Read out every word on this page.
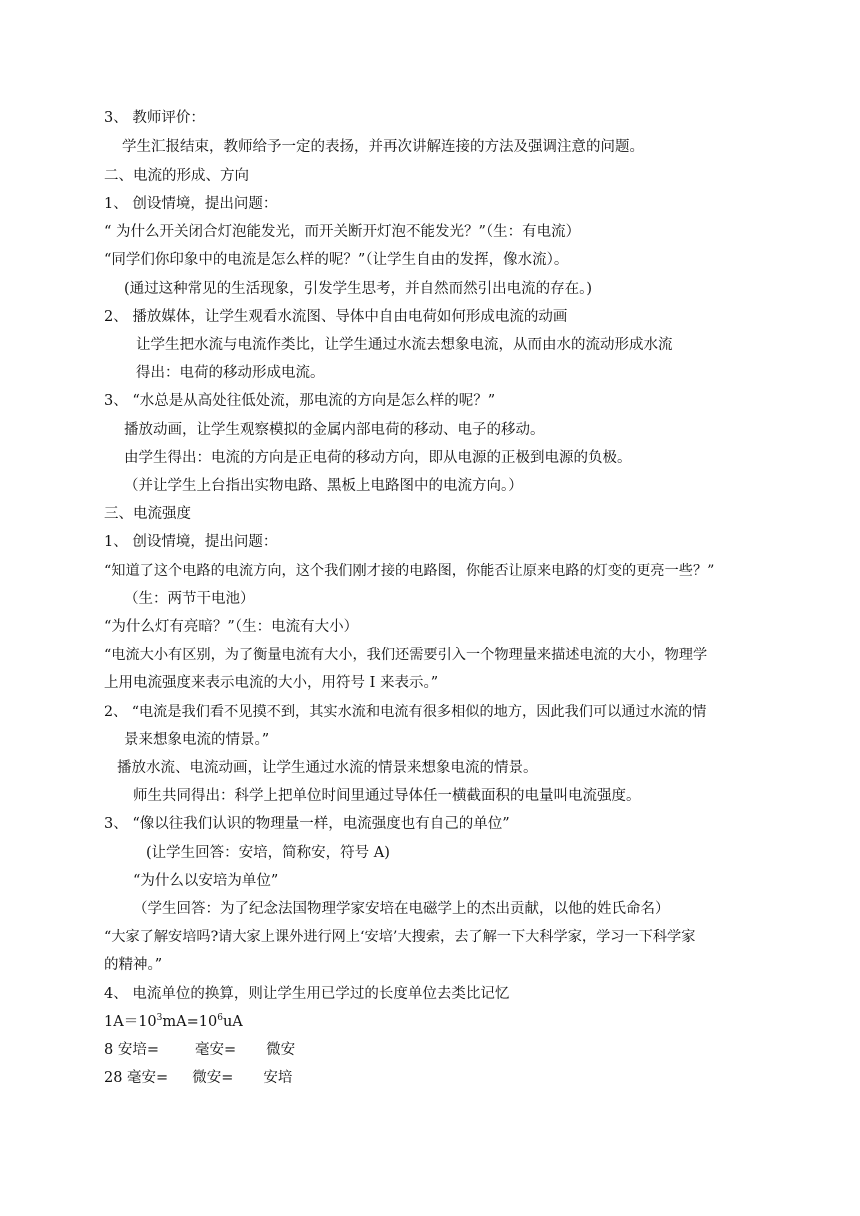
3、 教师评价：
学生汇报结束，教师给予一定的表扬，并再次讲解连接的方法及强调注意的问题。
二、电流的形成、方向
1、 创设情境，提出问题：
“ 为什么开关闭合灯泡能发光，而开关断开灯泡不能发光？”（生：有电流）
“同学们你印象中的电流是怎么样的呢？”（让学生自由的发挥，像水流）。
(通过这种常见的生活现象，引发学生思考，并自然而然引出电流的存在。)
2、 播放媒体，让学生观看水流图、导体中自由电荷如何形成电流的动画
让学生把水流与电流作类比，让学生通过水流去想象电流，从而由水的流动形成水流
得出：电荷的移动形成电流。
3、 “水总是从高处往低处流，那电流的方向是怎么样的呢？”
播放动画，让学生观察模拟的金属内部电荷的移动、电子的移动。
由学生得出：电流的方向是正电荷的移动方向，即从电源的正极到电源的负极。
（并让学生上台指出实物电路、黑板上电路图中的电流方向。）
三、电流强度
1、 创设情境，提出问题：
“知道了这个电路的电流方向，这个我们刚才接的电路图，你能否让原来电路的灯变的更亮一些？”
（生：两节干电池）
“为什么灯有亮暗？”（生：电流有大小）
“电流大小有区别，为了衡量电流有大小，我们还需要引入一个物理量来描述电流的大小，物理学
上用电流强度来表示电流的大小，用符号 I 来表示。”
2、 “电流是我们看不见摸不到，其实水流和电流有很多相似的地方，因此我们可以通过水流的情
景来想象电流的情景。”
播放水流、电流动画，让学生通过水流的情景来想象电流的情景。
师生共同得出：科学上把单位时间里通过导体任一横截面积的电量叫电流强度。
3、 “像以往我们认识的物理量一样，电流强度也有自己的单位”
(让学生回答：安培，简称安，符号 A)
“为什么以安培为单位”
（学生回答：为了纪念法国物理学家安培在电磁学上的杰出贡献，以他的姓氏命名）
“大家了解安培吗?请大家上课外进行网上‘安培’大搜索，去了解一下大科学家，学习一下科学家
的精神。”
4、 电流单位的换算，则让学生用已学过的长度单位去类比记忆
$1A=10^3mA=10^6uA$
8 安培= 毫安= 微安
28 毫安= 微安= 安培
